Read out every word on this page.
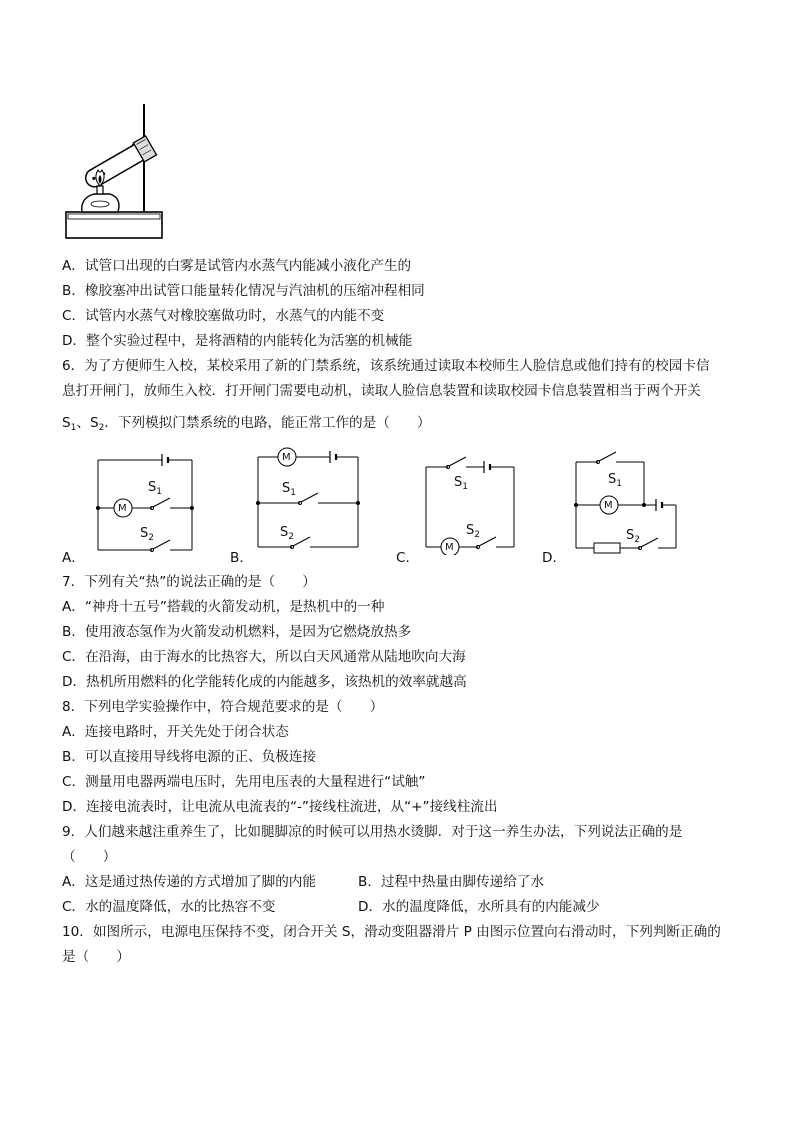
A．试管口出现的白雾是试管内水蒸气内能减小液化产生的
B．橡胶塞冲出试管口能量转化情况与汽油机的压缩冲程相同
C．试管内水蒸气对橡胶塞做功时，水蒸气的内能不变
D．整个实验过程中，是将酒精的内能转化为活塞的机械能
6．为了方便师生入校，某校采用了新的门禁系统，该系统通过读取本校师生人脸信息或他们持有的校园卡信
息打开闸门，放师生入校．打开闸门需要电动机，读取人脸信息装置和读取校园卡信息装置相当于两个开关
$S_1$、$S_2$．下列模拟门禁系统的电路，能正常工作的是（　　）
M
$S_1$
$S_2$
A．
M
$S_1$
$S_2$
B．
M
$S_1$
$S_2$
C．
M
$S_1$
$S_2$
D．
7．下列有关“热”的说法正确的是（　　）
A．“神舟十五号”搭载的火箭发动机，是热机中的一种
B．使用液态氢作为火箭发动机燃料，是因为它燃烧放热多
C．在沿海，由于海水的比热容大，所以白天风通常从陆地吹向大海
D．热机所用燃料的化学能转化成的内能越多，该热机的效率就越高
8．下列电学实验操作中，符合规范要求的是（　　）
A．连接电路时，开关先处于闭合状态
B．可以直接用导线将电源的正、负极连接
C．测量用电器两端电压时，先用电压表的大量程进行“试触”
D．连接电流表时，让电流从电流表的“-”接线柱流进，从“+”接线柱流出
9．人们越来越注重养生了，比如腿脚凉的时候可以用热水烫脚．对于这一养生办法，下列说法正确的是
（　　）
A．这是通过热传递的方式增加了脚的内能	B．过程中热量由脚传递给了水
C．水的温度降低，水的比热容不变	D．水的温度降低，水所具有的内能减少
10．如图所示，电源电压保持不变，闭合开关 S，滑动变阻器滑片 P 由图示位置向右滑动时，下列判断正确的
是（　　）
